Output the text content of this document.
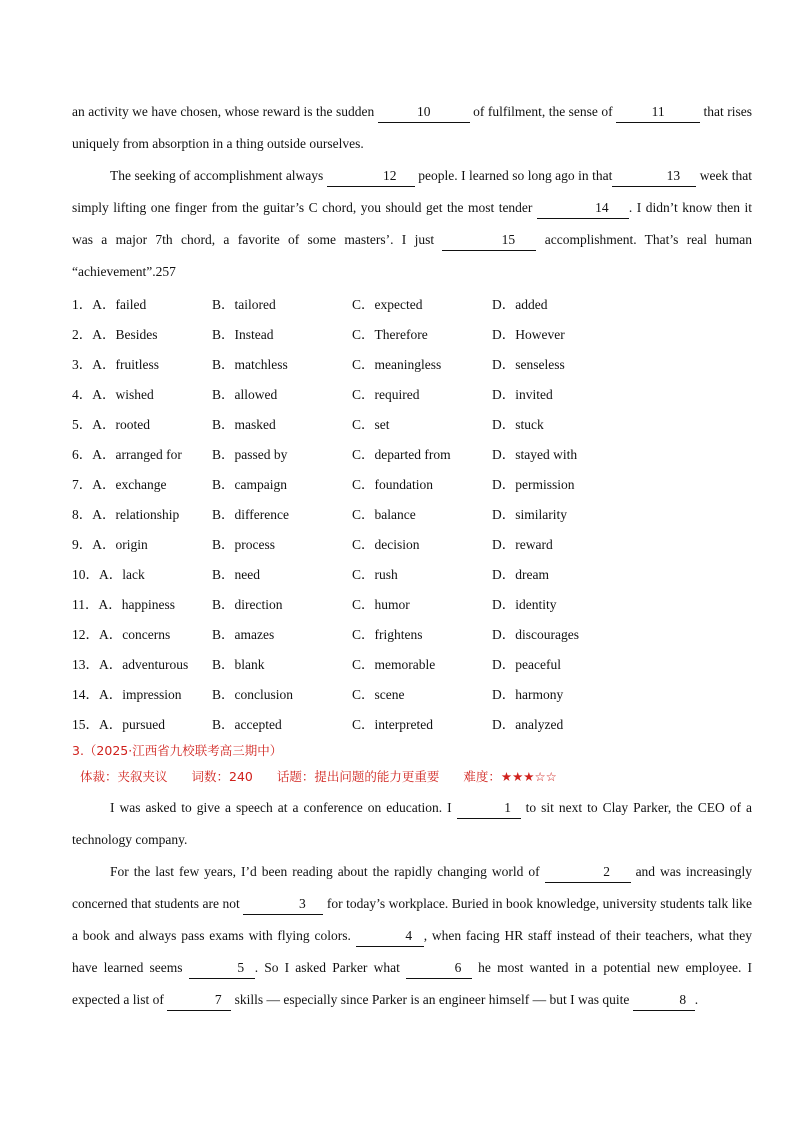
an activity we have chosen, whose reward is the sudden	10	of fulfilment, the sense of	11	that rises uniquely from absorption in a thing outside ourselves.

The seeking of accomplishment always	12 people. I learned so long ago in that	13 week that simply lifting one finger from the guitar’s C chord, you should get the most tender	14 . I didn’t know then it was a major 7th chord, a favorite of some masters’. I just	15 accomplishment. That’s real human “achievement”.257

1．A．failed	B．tailored	C．expected	D．added
2．A．Besides	B．Instead	C．Therefore	D．However
3．A．fruitless	B．matchless	C．meaningless	D．senseless
4．A．wished	B．allowed	C．required	D．invited
5．A．rooted	B．masked	C．set	D．stuck
6．A．arranged for	B．passed by	C．departed from	D．stayed with
7．A．exchange	B．campaign	C．foundation	D．permission
8．A．relationship	B．difference	C．balance	D．similarity
9．A．origin	B．process	C．decision	D．reward
10．A．lack	B．need	C．rush	D．dream
11．A．happiness	B．direction	C．humor	D．identity
12．A．concerns	B．amazes	C．frightens	D．discourages
13．A．adventurous	B．blank	C．memorable	D．peaceful
14．A．impression	B．conclusion	C．scene	D．harmony
15．A．pursued	B．accepted	C．interpreted	D．analyzed
3.（2025·江西省九校联考高三期中）
体裁：夹叙夹议 词数：240 话题：提出问题的能力更重要 难度：★★★☆☆

I was asked to give a speech at a conference on education. I	1 to sit next to Clay Parker, the CEO of a technology company.

For the last few years, I’d been reading about the rapidly changing world of	2 and was increasingly concerned that students are not	3 for today’s workplace. Buried in book knowledge, university students talk like a book and always pass exams with flying colors.	4 , when facing HR staff instead of their teachers, what they have learned seems	5 . So I asked Parker what	6 he most wanted in a potential new employee. I expected a list of	7 skills — especially since Parker is an engineer himself — but I was quite	8 .
